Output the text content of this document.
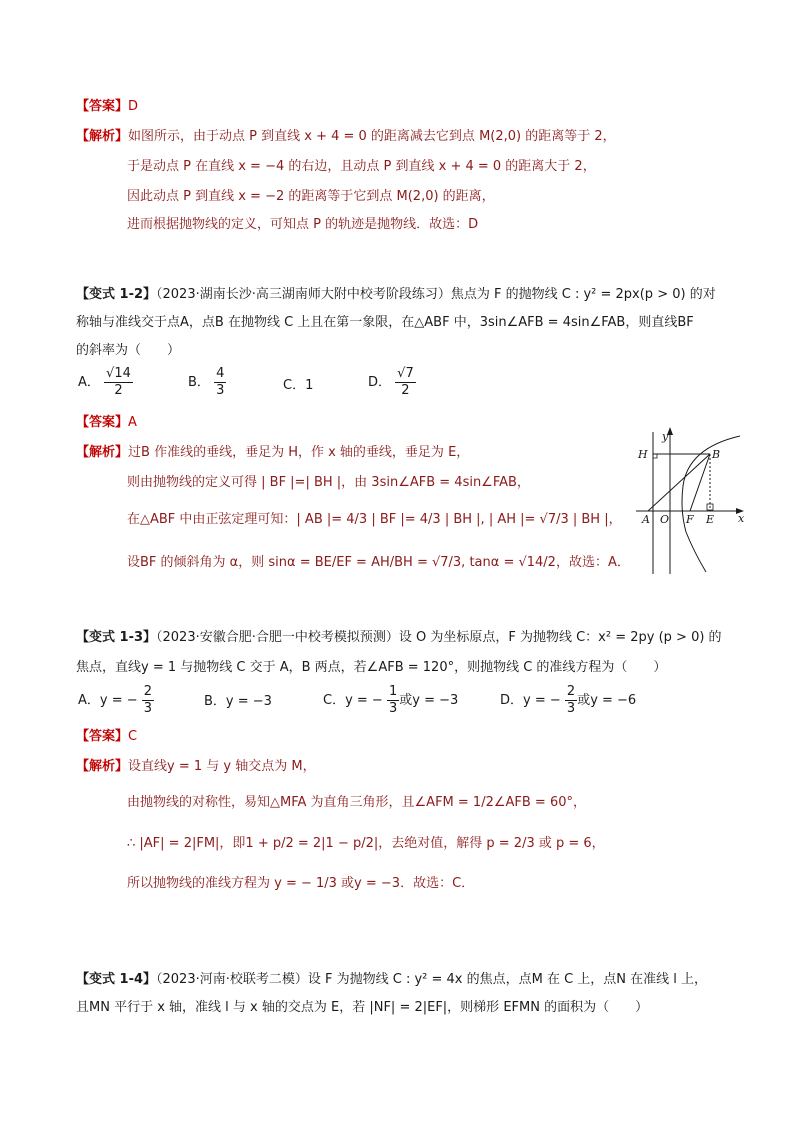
【答案】D
【解析】如图所示，由于动点 P 到直线 x + 4 = 0 的距离减去它到点 M(2,0) 的距离等于 2，
于是动点 P 在直线 x = −4 的右边，且动点 P 到直线 x + 4 = 0 的距离大于 2，
因此动点 P 到直线 x = −2 的距离等于它到点 M(2,0) 的距离，
进而根据抛物线的定义，可知点 P 的轨迹是抛物线．故选：D
【变式 1-2】（2023·湖南长沙·高三湖南师大附中校考阶段练习）焦点为 F 的抛物线 C : y² = 2px(p > 0) 的对
称轴与准线交于点A，点B 在抛物线 C 上且在第一象限，在△ABF 中，3sin∠AFB = 4sin∠FAB，则直线BF
的斜率为（　　）
A． $\frac{√14}{2}$	B． $\frac{4}{3}$	C．1	D． $\frac{√7}{2}$
【答案】A
【解析】过B 作准线的垂线，垂足为 H，作 x 轴的垂线，垂足为 E，
则由抛物线的定义可得 | BF |=| BH |，由 3sin∠AFB = 4sin∠FAB，
在△ABF 中由正弦定理可知：| AB |= 4/3 | BF |= 4/3 | BH |, | AH |= √7/3 | BH |，
设BF 的倾斜角为 α，则 sinα = BE/EF = AH/BH = √7/3, tanα = √14/2，故选：A．
y
x
H	B
A O F E
【变式 1-3】（2023·安徽合肥·合肥一中校考模拟预测）设 O 为坐标原点，F 为抛物线 C：x² = 2py (p > 0) 的
焦点，直线y = 1 与抛物线 C 交于 A，B 两点，若∠AFB = 120°，则抛物线 C 的准线方程为（　　）
A．y = − $\frac{2}{3}$	B．y = −3	C．y = − $\frac{1}{3}$ 或y = −3	D．y = − $\frac{2}{3}$ 或y = −6
【答案】C
【解析】设直线y = 1 与 y 轴交点为 M，
由抛物线的对称性，易知△MFA 为直角三角形，且∠AFM = 1/2∠AFB = 60°，
∴ |AF| = 2|FM|，即1 + p/2 = 2|1 − p/2|，去绝对值，解得 p = 2/3 或 p = 6，
所以抛物线的准线方程为 y = − 1/3 或y = −3．故选：C．
【变式 1-4】（2023·河南·校联考二模）设 F 为抛物线 C : y² = 4x 的焦点，点M 在 C 上，点N 在准线 l 上，
且MN 平行于 x 轴，准线 l 与 x 轴的交点为 E，若 |NF| = 2|EF|，则梯形 EFMN 的面积为（　　）
